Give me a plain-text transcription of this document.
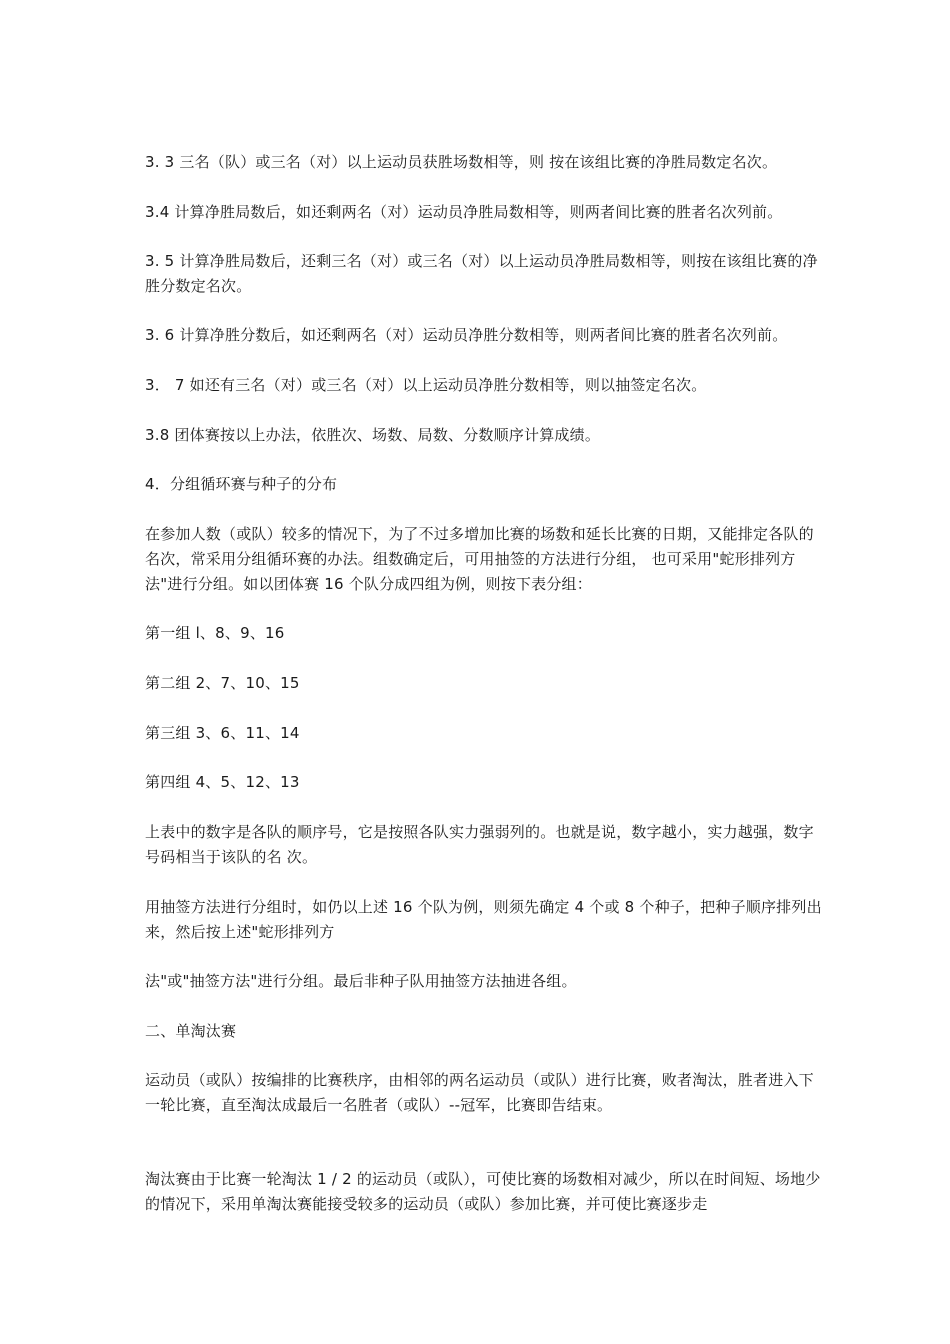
3. 3 三名（队）或三名（对）以上运动员获胜场数相等，则 按在该组比赛的净胜局数定名次。

3.4 计算净胜局数后，如还剩两名（对）运动员净胜局数相等，则两者间比赛的胜者名次列前。

3. 5 计算净胜局数后，还剩三名（对）或三名（对）以上运动员净胜局数相等，则按在该组比赛的净胜分数定名次。

3. 6 计算净胜分数后，如还剩两名（对）运动员净胜分数相等，则两者间比赛的胜者名次列前。

3． 7 如还有三名（对）或三名（对）以上运动员净胜分数相等，则以抽签定名次。

3.8 团体赛按以上办法，依胜次、场数、局数、分数顺序计算成绩。

4．分组循环赛与种子的分布

在参加人数（或队）较多的情况下，为了不过多增加比赛的场数和延长比赛的日期，又能排定各队的名次，常采用分组循环赛的办法。组数确定后，可用抽签的方法进行分组， 也可采用"蛇形排列方法"进行分组。如以团体赛 16 个队分成四组为例，则按下表分组：

第一组 l、8、9、16

第二组 2、7、10、15

第三组 3、6、11、14

第四组 4、5、12、13

上表中的数字是各队的顺序号，它是按照各队实力强弱列的。也就是说，数字越小，实力越强，数字号码相当于该队的名 次。

用抽签方法进行分组时，如仍以上述 16 个队为例，则须先确定 4 个或 8 个种子，把种子顺序排列出来，然后按上述"蛇形排列方

法"或"抽签方法"进行分组。最后非种子队用抽签方法抽进各组。

二、单淘汰赛

运动员（或队）按编排的比赛秩序，由相邻的两名运动员（或队）进行比赛，败者淘汰，胜者进入下一轮比赛，直至淘汰成最后一名胜者（或队）--冠军，比赛即告结束。

淘汰赛由于比赛一轮淘汰 1 / 2 的运动员（或队），可使比赛的场数相对减少，所以在时间短、场地少的情况下，采用单淘汰赛能接受较多的运动员（或队）参加比赛，并可使比赛逐步走
